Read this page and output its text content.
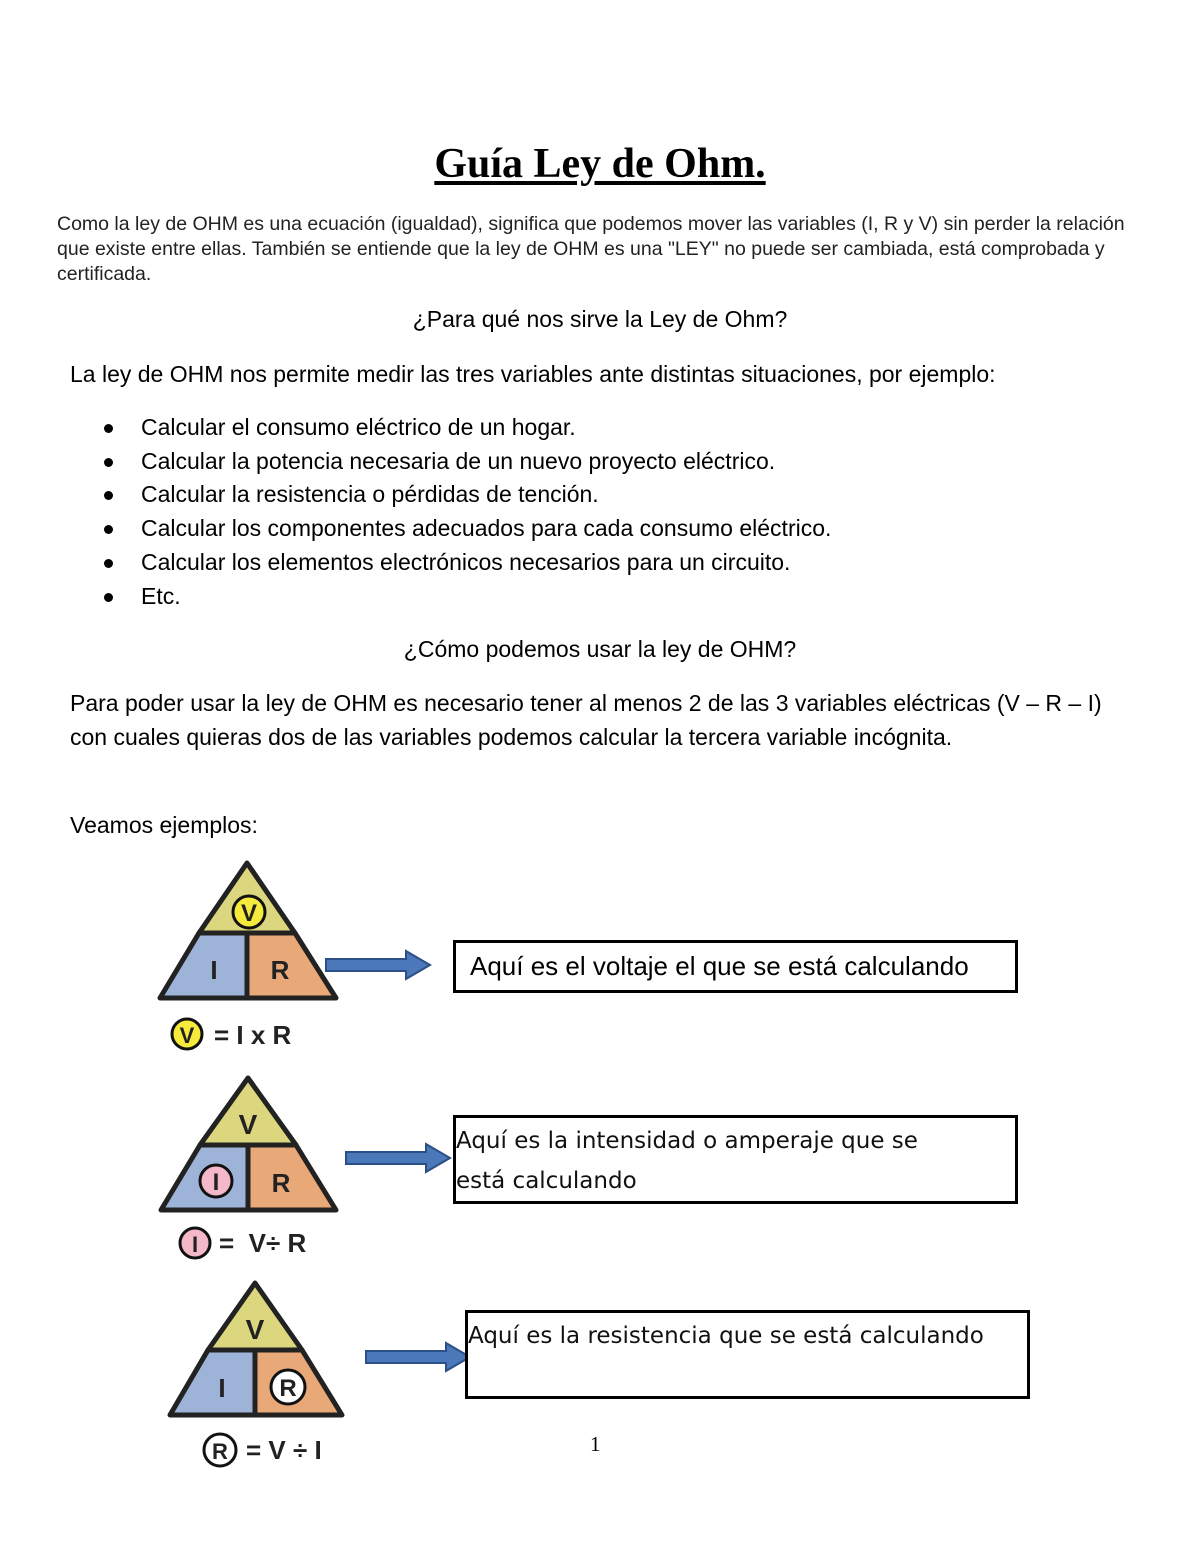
Guía Ley de Ohm.
Como la ley de OHM es una ecuación (igualdad), significa que podemos mover las variables (I, R y V) sin perder la relación que existe entre ellas. También se entiende que la ley de OHM es una "LEY" no puede ser cambiada, está comprobada y certificada.
¿Para qué nos sirve la Ley de Ohm?
La ley de OHM nos permite medir las tres variables ante distintas situaciones, por ejemplo:
Calcular el consumo eléctrico de un hogar.
Calcular la potencia necesaria de un nuevo proyecto eléctrico.
Calcular la resistencia o pérdidas de tención.
Calcular los componentes adecuados para cada consumo eléctrico.
Calcular los elementos electrónicos necesarios para un circuito.
Etc.
¿Cómo podemos usar la ley de OHM?
Para poder usar la ley de OHM es necesario tener al menos 2 de las 3 variables eléctricas (V – R – I) con cuales quieras dos de las variables podemos calcular la tercera variable incógnita.
Veamos ejemplos:
V
I R
V = I x R
Aquí es el voltaje el que se está calculando
V
I R
I =  V÷ R
Aquí es la intensidad o amperaje que se está calculando
V
I R
R = V ÷ I
Aquí es la resistencia que se está calculando
1
